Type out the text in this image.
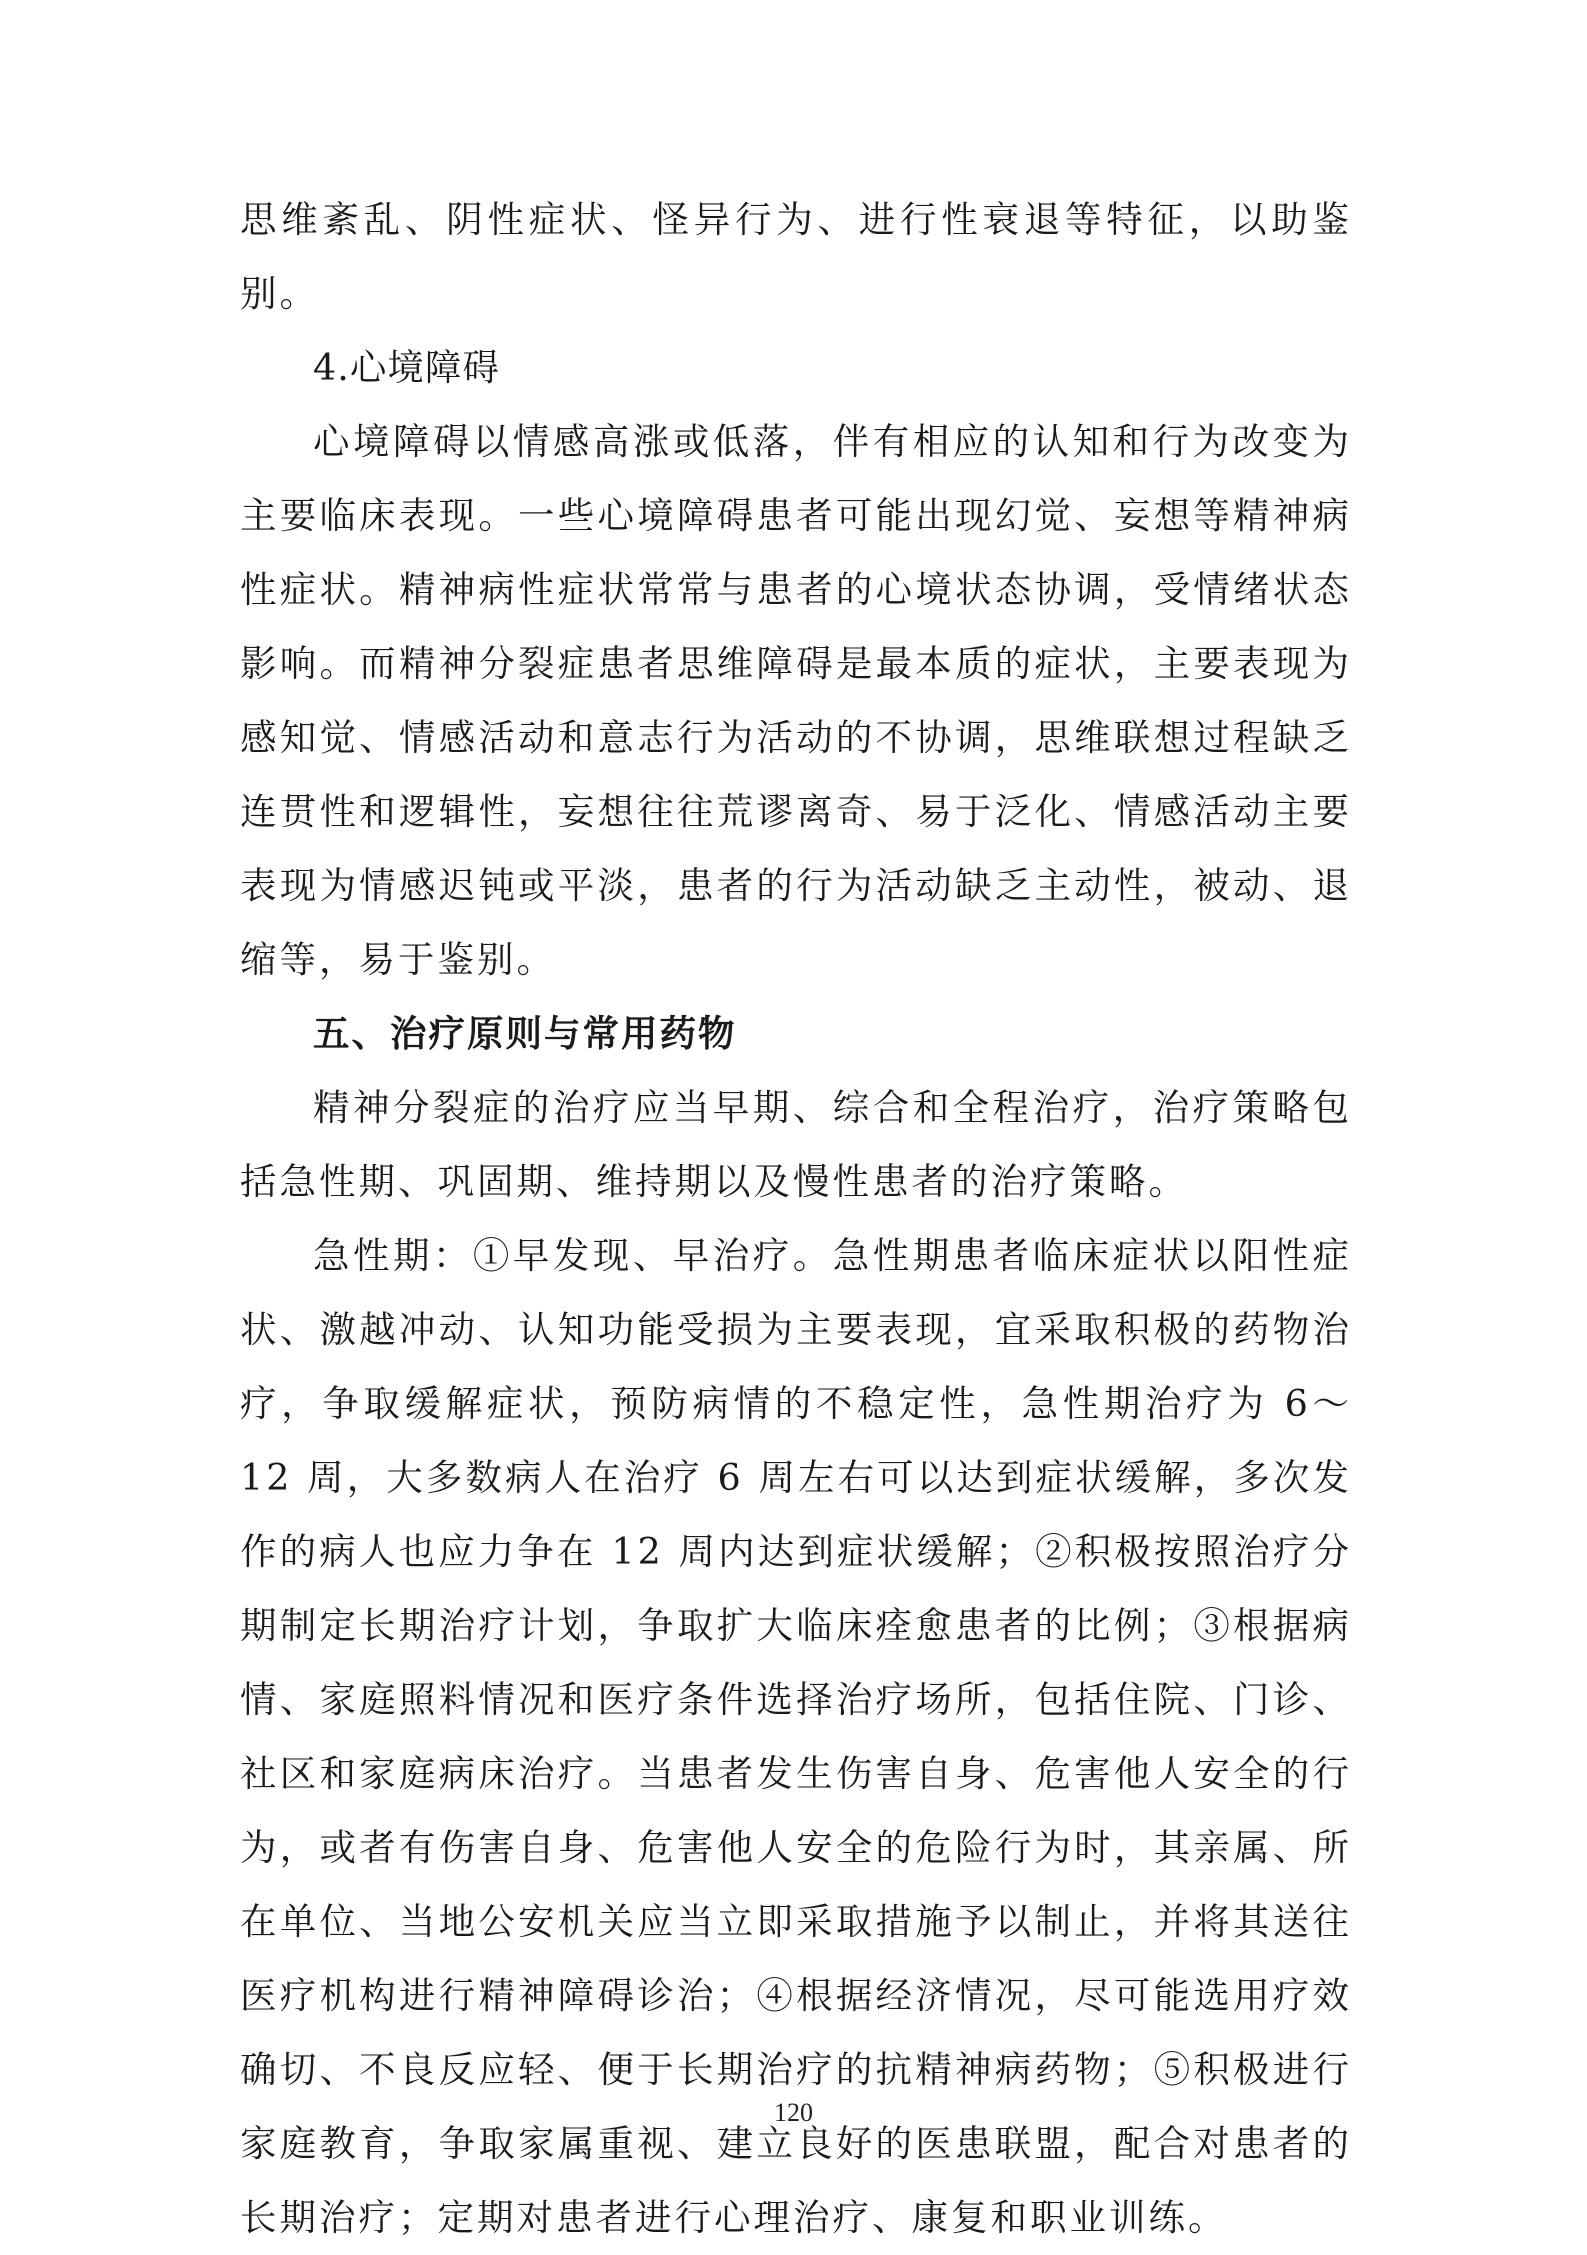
思维紊乱、阴性症状、怪异行为、进行性衰退等特征，以助鉴别。

4.心境障碍

心境障碍以情感高涨或低落，伴有相应的认知和行为改变为主要临床表现。一些心境障碍患者可能出现幻觉、妄想等精神病性症状。精神病性症状常常与患者的心境状态协调，受情绪状态影响。而精神分裂症患者思维障碍是最本质的症状，主要表现为感知觉、情感活动和意志行为活动的不协调，思维联想过程缺乏连贯性和逻辑性，妄想往往荒谬离奇、易于泛化、情感活动主要表现为情感迟钝或平淡，患者的行为活动缺乏主动性，被动、退缩等，易于鉴别。

五、治疗原则与常用药物

精神分裂症的治疗应当早期、综合和全程治疗，治疗策略包括急性期、巩固期、维持期以及慢性患者的治疗策略。

急性期：①早发现、早治疗。急性期患者临床症状以阳性症状、激越冲动、认知功能受损为主要表现，宜采取积极的药物治疗，争取缓解症状，预防病情的不稳定性，急性期治疗为 6～12 周，大多数病人在治疗 6 周左右可以达到症状缓解，多次发作的病人也应力争在 12 周内达到症状缓解；②积极按照治疗分期制定长期治疗计划，争取扩大临床痊愈患者的比例；③根据病情、家庭照料情况和医疗条件选择治疗场所，包括住院、门诊、社区和家庭病床治疗。当患者发生伤害自身、危害他人安全的行为，或者有伤害自身、危害他人安全的危险行为时，其亲属、所在单位、当地公安机关应当立即采取措施予以制止，并将其送往医疗机构进行精神障碍诊治；④根据经济情况，尽可能选用疗效确切、不良反应轻、便于长期治疗的抗精神病药物；⑤积极进行家庭教育，争取家属重视、建立良好的医患联盟，配合对患者的长期治疗；定期对患者进行心理治疗、康复和职业训练。

120
